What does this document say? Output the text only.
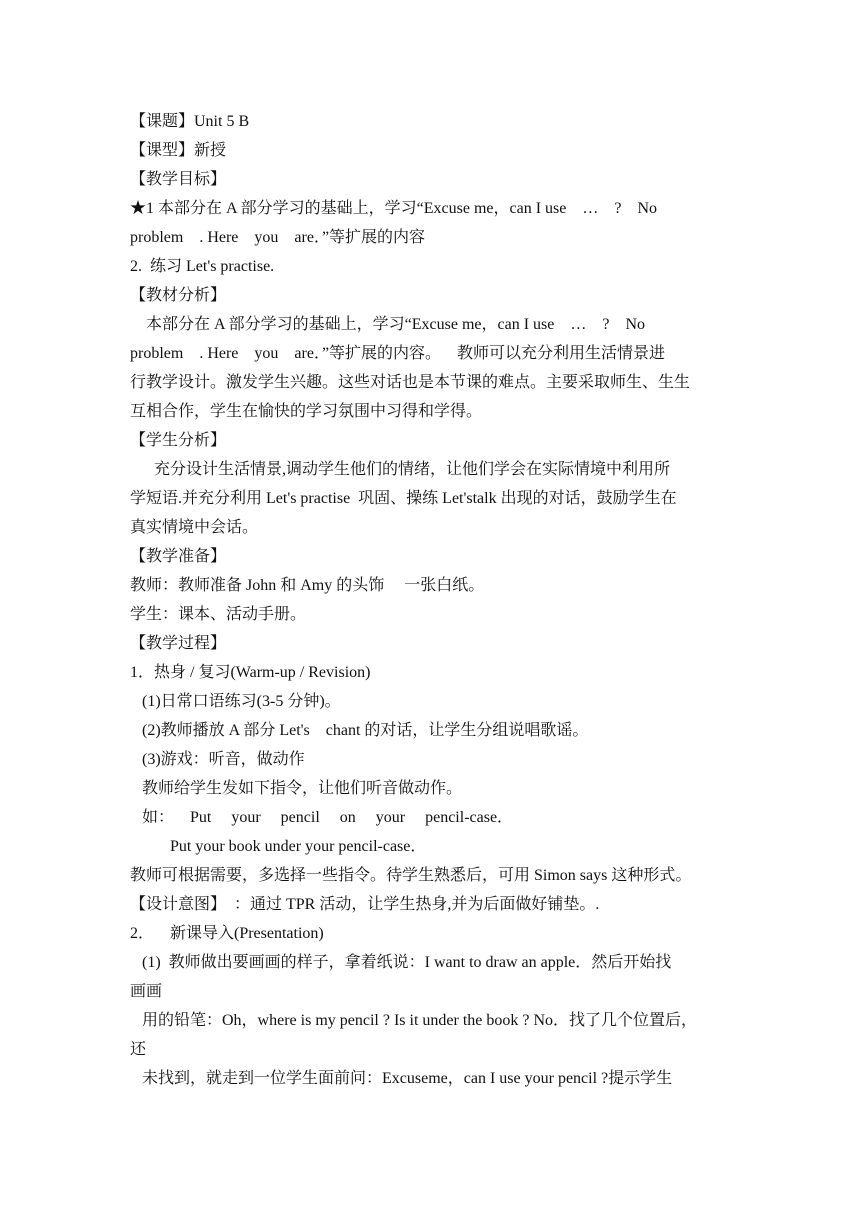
【课题】Unit 5 B
【课型】新授
【教学目标】
★1 本部分在 A 部分学习的基础上，学习“Excuse me，can I use    …    ?    No
problem    . Here    you    are．”等扩展的内容
2.  练习 Let's practise.
【教材分析】
本部分在 A 部分学习的基础上，学习“Excuse me，can I use    …    ?    No
problem    . Here    you    are．”等扩展的内容。    教师可以充分利用生活情景进
行教学设计。激发学生兴趣。这些对话也是本节课的难点。主要采取师生、生生
互相合作，学生在愉快的学习氛围中习得和学得。
【学生分析】
充分设计生活情景,调动学生他们的情绪，让他们学会在实际情境中利用所
学短语.并充分利用 Let's practise  巩固、操练 Let'stalk 出现的对话，鼓励学生在
真实情境中会话。
【教学准备】
教师：教师准备 John 和 Amy 的头饰     一张白纸。
学生：课本、活动手册。
【教学过程】
1．热身 / 复习(Warm-up / Revision)
(1)日常口语练习(3-5 分钟)。
(2)教师播放 A 部分 Let's    chant 的对话，让学生分组说唱歌谣。
(3)游戏：听音，做动作
教师给学生发如下指令，让他们听音做动作。
如：    Put     your     pencil     on     your     pencil-case．
Put your book under your pencil-case．
教师可根据需要，多选择一些指令。待学生熟悉后，可用 Simon says 这种形式。
【设计意图】  ：通过 TPR 活动，让学生热身,并为后面做好铺垫。.
2．    新课导入(Presentation)
(1)  教师做出要画画的样子，拿着纸说：I want to draw an apple．然后开始找
画画
用的铅笔：Oh，where is my pencil ? Is it under the book ? No．找了几个位置后，
还
未找到，就走到一位学生面前问：Excuseme，can I use your pencil ?提示学生
